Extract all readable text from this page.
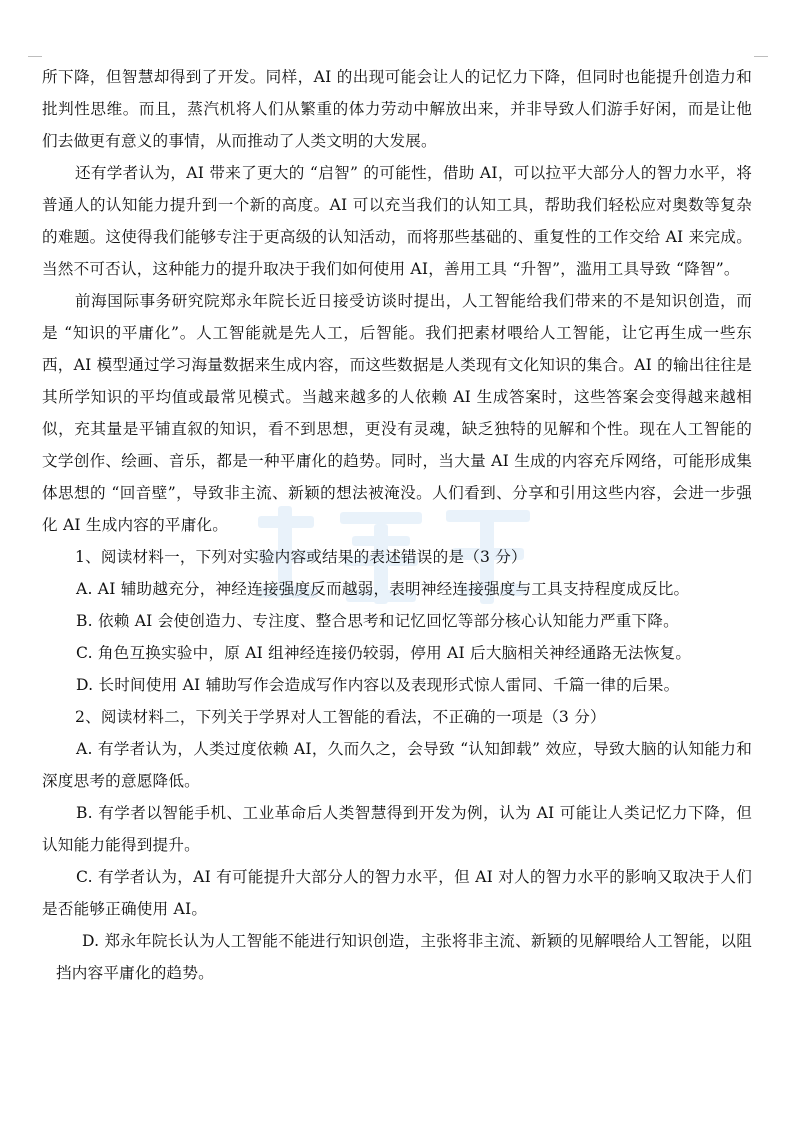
所下降，但智慧却得到了开发。同样，AI 的出现可能会让人的记忆力下降，但同时也能提升创造力和批判性思维。而且，蒸汽机将人们从繁重的体力劳动中解放出来，并非导致人们游手好闲，而是让他们去做更有意义的事情，从而推动了人类文明的大发展。

还有学者认为，AI 带来了更大的 “启智” 的可能性，借助 AI，可以拉平大部分人的智力水平，将普通人的认知能力提升到一个新的高度。AI 可以充当我们的认知工具，帮助我们轻松应对奥数等复杂的难题。这使得我们能够专注于更高级的认知活动，而将那些基础的、重复性的工作交给 AI 来完成。当然不可否认，这种能力的提升取决于我们如何使用 AI，善用工具 “升智”，滥用工具导致 “降智”。

前海国际事务研究院郑永年院长近日接受访谈时提出，人工智能给我们带来的不是知识创造，而是 “知识的平庸化”。人工智能就是先人工，后智能。我们把素材喂给人工智能，让它再生成一些东西，AI 模型通过学习海量数据来生成内容，而这些数据是人类现有文化知识的集合。AI 的输出往往是其所学知识的平均值或最常见模式。当越来越多的人依赖 AI 生成答案时，这些答案会变得越来越相似，充其量是平铺直叙的知识，看不到思想，更没有灵魂，缺乏独特的见解和个性。现在人工智能的文学创作、绘画、音乐，都是一种平庸化的趋势。同时，当大量 AI 生成的内容充斥网络，可能形成集体思想的 “回音壁”，导致非主流、新颖的想法被淹没。人们看到、分享和引用这些内容，会进一步强化 AI 生成内容的平庸化。

1、阅读材料一，下列对实验内容或结果的表述错误的是（3 分）

A. AI 辅助越充分，神经连接强度反而越弱，表明神经连接强度与工具支持程度成反比。

B. 依赖 AI 会使创造力、专注度、整合思考和记忆回忆等部分核心认知能力严重下降。

C. 角色互换实验中，原 AI 组神经连接仍较弱，停用 AI 后大脑相关神经通路无法恢复。

D. 长时间使用 AI 辅助写作会造成写作内容以及表现形式惊人雷同、千篇一律的后果。

2、阅读材料二，下列关于学界对人工智能的看法，不正确的一项是（3 分）

A. 有学者认为，人类过度依赖 AI，久而久之，会导致 “认知卸载” 效应，导致大脑的认知能力和深度思考的意愿降低。

B. 有学者以智能手机、工业革命后人类智慧得到开发为例，认为 AI 可能让人类记忆力下降，但认知能力能得到提升。

C. 有学者认为，AI 有可能提升大部分人的智力水平，但 AI 对人的智力水平的影响又取决于人们是否能够正确使用 AI。

D. 郑永年院长认为人工智能不能进行知识创造，主张将非主流、新颖的见解喂给人工智能，以阻挡内容平庸化的趋势。
